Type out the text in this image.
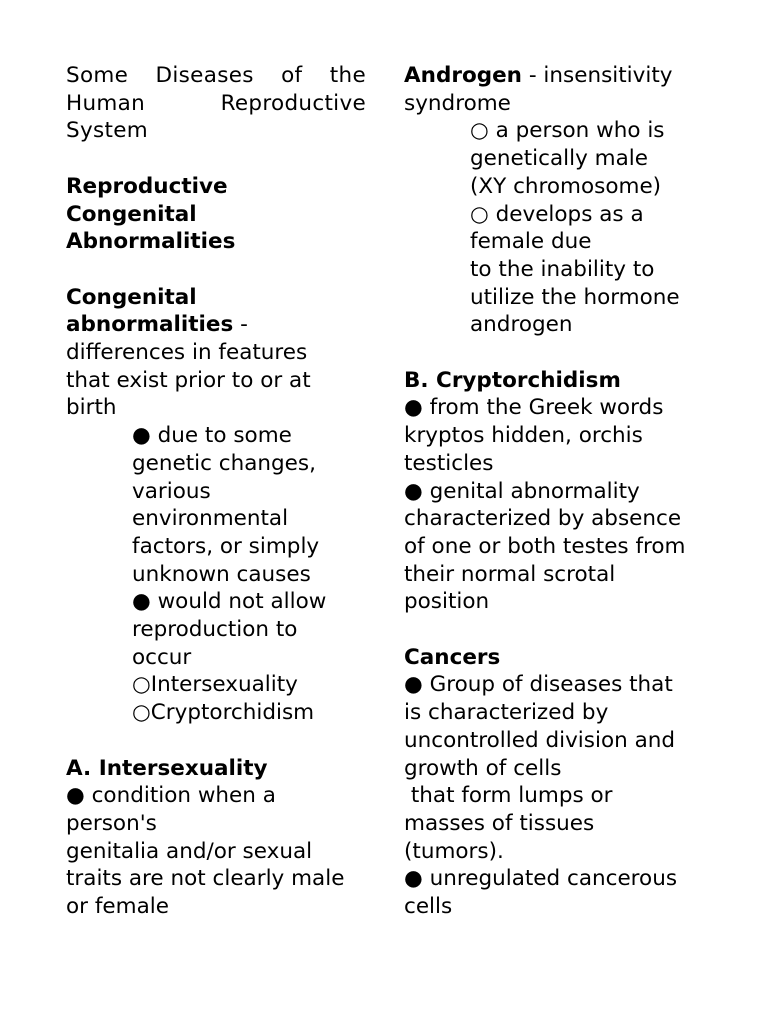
Some Diseases of the
Human Reproductive
System

Reproductive

Congenital

Abnormalities

Congenital

abnormalities -

differences in features

that exist prior to or at

birth

● due to some

genetic changes,

various

environmental

factors, or simply

unknown causes

● would not allow

reproduction to

occur

○Intersexuality

○Cryptorchidism

A. Intersexuality

● condition when a

person's

genitalia and/or sexual

traits are not clearly male

or female

Androgen - insensitivity

syndrome

○ a person who is

genetically male

(XY chromosome)

○ develops as a

female due

to the inability to

utilize the hormone

androgen

B. Cryptorchidism

● from the Greek words

kryptos hidden, orchis

testicles

● genital abnormality

characterized by absence

of one or both testes from

their normal scrotal

position

Cancers

● Group of diseases that

is characterized by

uncontrolled division and

growth of cells

that form lumps or

masses of tissues

(tumors).

● unregulated cancerous

cells
